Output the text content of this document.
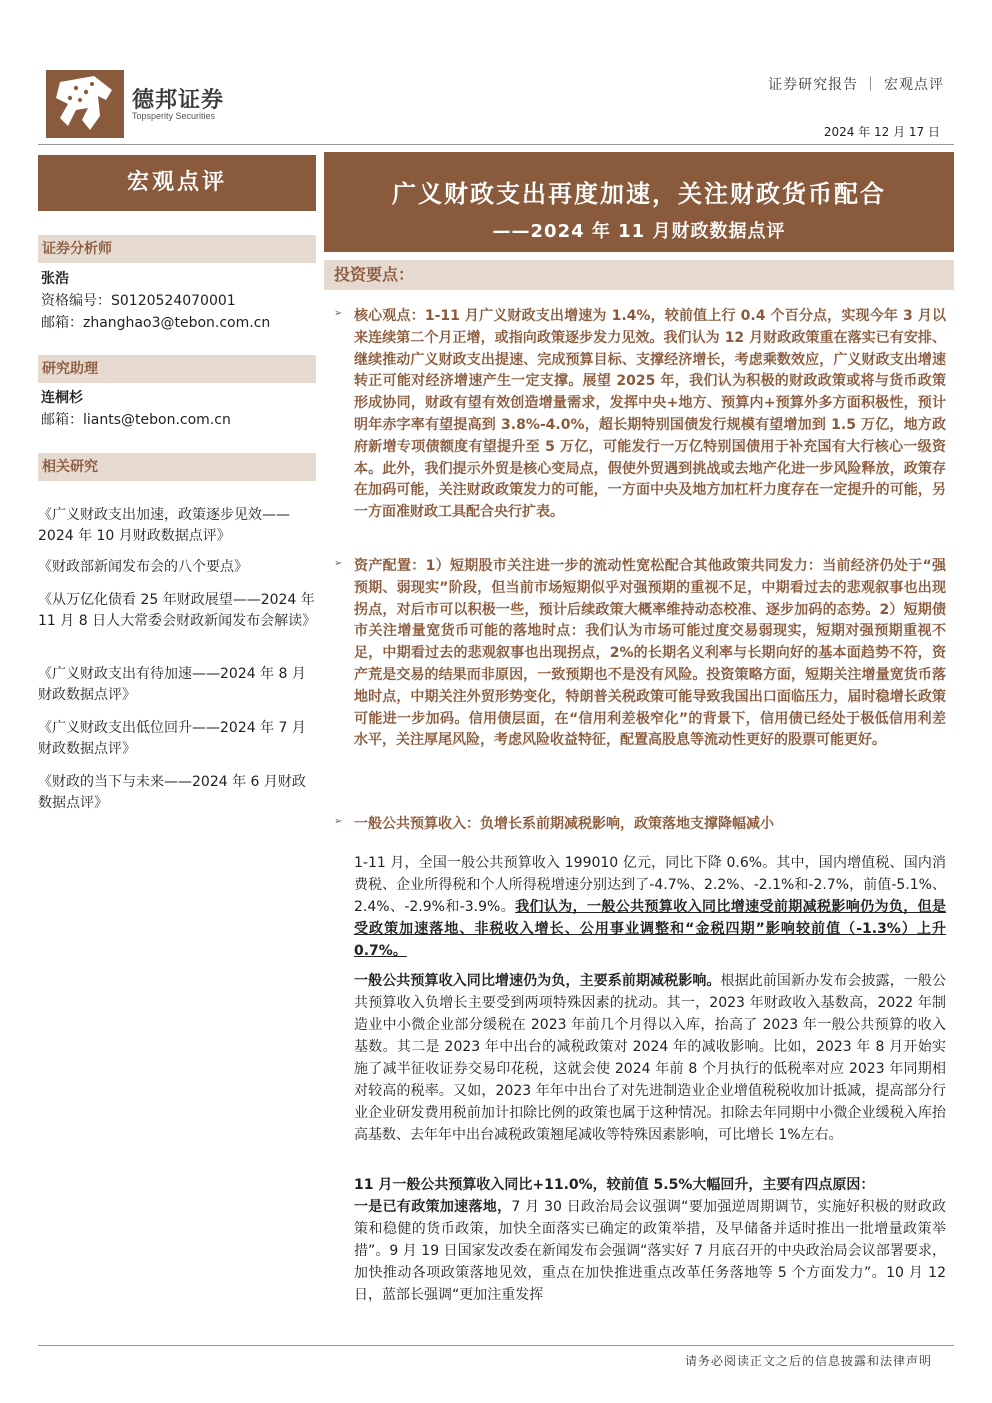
德邦证券
Topsperity Securities
证券研究报告 ｜ 宏观点评
2024 年 12 月 17 日
宏观点评
证券分析师
张浩
资格编号：S0120524070001
邮箱：zhanghao3@tebon.com.cn
研究助理
连桐杉
邮箱：liants@tebon.com.cn
相关研究
《广义财政支出加速，政策逐步见效——2024 年 10 月财政数据点评》
《财政部新闻发布会的八个要点》
《从万亿化债看 25 年财政展望——2024 年 11 月 8 日人大常委会财政新闻发布会解读》
《广义财政支出有待加速——2024 年 8 月财政数据点评》
《广义财政支出低位回升——2024 年 7 月财政数据点评》
《财政的当下与未来——2024 年 6 月财政数据点评》
广义财政支出再度加速，关注财政货币配合
——2024 年 11 月财政数据点评
投资要点：
➢ 核心观点：1-11 月广义财政支出增速为 1.4%，较前值上行 0.4 个百分点，实现今年 3 月以来连续第二个月正增，或指向政策逐步发力见效。我们认为 12 月财政政策重在落实已有安排、继续推动广义财政支出提速、完成预算目标、支撑经济增长，考虑乘数效应，广义财政支出增速转正可能对经济增速产生一定支撑。展望 2025 年，我们认为积极的财政政策或将与货币政策形成协同，财政有望有效创造增量需求，发挥中央+地方、预算内+预算外多方面积极性，预计明年赤字率有望提高到 3.8%-4.0%，超长期特别国债发行规模有望增加到 1.5 万亿，地方政府新增专项债额度有望提升至 5 万亿，可能发行一万亿特别国债用于补充国有大行核心一级资本。此外，我们提示外贸是核心变局点，假使外贸遇到挑战或去地产化进一步风险释放，政策存在加码可能，关注财政政策发力的可能，一方面中央及地方加杠杆力度存在一定提升的可能，另一方面准财政工具配合央行扩表。
➢ 资产配置：1）短期股市关注进一步的流动性宽松配合其他政策共同发力：当前经济仍处于“强预期、弱现实”阶段，但当前市场短期似乎对强预期的重视不足，中期看过去的悲观叙事也出现拐点，对后市可以积极一些，预计后续政策大概率维持动态校准、逐步加码的态势。2）短期债市关注增量宽货币可能的落地时点：我们认为市场可能过度交易弱现实，短期对强预期重视不足，中期看过去的悲观叙事也出现拐点，2%的长期名义利率与长期向好的基本面趋势不符，资产荒是交易的结果而非原因，一致预期也不是没有风险。投资策略方面，短期关注增量宽货币落地时点，中期关注外贸形势变化，特朗普关税政策可能导致我国出口面临压力，届时稳增长政策可能进一步加码。信用债层面，在“信用利差极窄化”的背景下，信用债已经处于极低信用利差水平，关注厚尾风险，考虑风险收益特征，配置高股息等流动性更好的股票可能更好。
➢ 一般公共预算收入：负增长系前期减税影响，政策落地支撑降幅减小
1-11 月，全国一般公共预算收入 199010 亿元，同比下降 0.6%。其中，国内增值税、国内消费税、企业所得税和个人所得税增速分别达到了-4.7%、2.2%、-2.1%和-2.7%，前值-5.1%、2.4%、-2.9%和-3.9%。我们认为，一般公共预算收入同比增速受前期减税影响仍为负，但是受政策加速落地、非税收入增长、公用事业调整和“金税四期”影响较前值（-1.3%）上升 0.7%。
一般公共预算收入同比增速仍为负，主要系前期减税影响。根据此前国新办发布会披露，一般公共预算收入负增长主要受到两项特殊因素的扰动。其一，2023 年财政收入基数高，2022 年制造业中小微企业部分缓税在 2023 年前几个月得以入库，抬高了 2023 年一般公共预算的收入基数。其二是 2023 年中出台的减税政策对 2024 年的减收影响。比如，2023 年 8 月开始实施了减半征收证券交易印花税，这就会使 2024 年前 8 个月执行的低税率对应 2023 年同期相对较高的税率。又如，2023 年年中出台了对先进制造业企业增值税税收加计抵减，提高部分行业企业研发费用税前加计扣除比例的政策也属于这种情况。扣除去年同期中小微企业缓税入库抬高基数、去年年中出台减税政策翘尾减收等特殊因素影响，可比增长 1%左右。
11 月一般公共预算收入同比+11.0%，较前值 5.5%大幅回升，主要有四点原因：
一是已有政策加速落地，7 月 30 日政治局会议强调“要加强逆周期调节，实施好积极的财政政策和稳健的货币政策，加快全面落实已确定的政策举措，及早储备并适时推出一批增量政策举措”。9 月 19 日国家发改委在新闻发布会强调“落实好 7 月底召开的中央政治局会议部署要求，加快推动各项政策落地见效，重点在加快推进重点改革任务落地等 5 个方面发力”。10 月 12 日，蓝部长强调“更加注重发挥
请务必阅读正文之后的信息披露和法律声明
